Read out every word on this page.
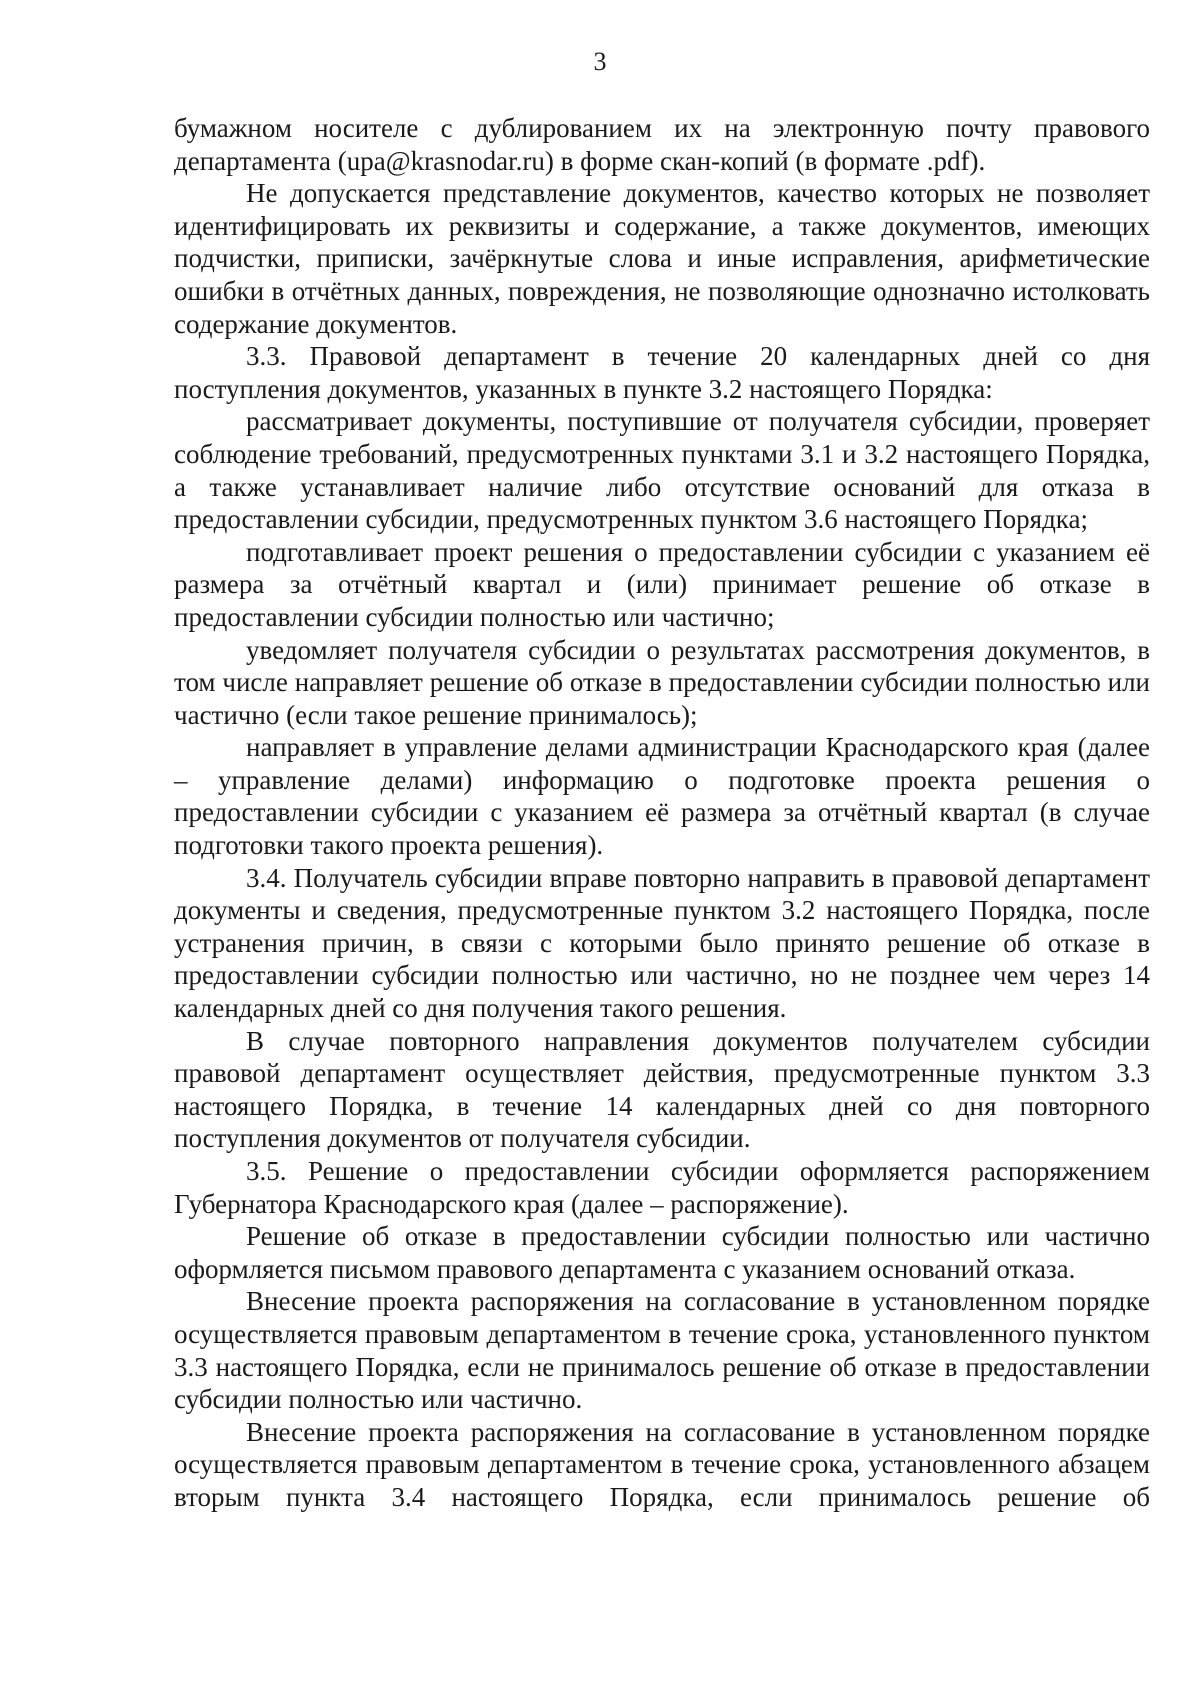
3

бумажном носителе с дублированием их на электронную почту правового департамента (upa@krasnodar.ru) в форме скан-копий (в формате .pdf).

Не допускается представление документов, качество которых не позволяет идентифицировать их реквизиты и содержание, а также документов, имеющих подчистки, приписки, зачёркнутые слова и иные исправления, арифметические ошибки в отчётных данных, повреждения, не позволяющие однозначно истолковать содержание документов.

3.3. Правовой департамент в течение 20 календарных дней со дня поступления документов, указанных в пункте 3.2 настоящего Порядка:

рассматривает документы, поступившие от получателя субсидии, проверяет соблюдение требований, предусмотренных пунктами 3.1 и 3.2 настоящего Порядка, а также устанавливает наличие либо отсутствие оснований для отказа в предоставлении субсидии, предусмотренных пунктом 3.6 настоящего Порядка;

подготавливает проект решения о предоставлении субсидии с указанием её размера за отчётный квартал и (или) принимает решение об отказе в предоставлении субсидии полностью или частично;

уведомляет получателя субсидии о результатах рассмотрения документов, в том числе направляет решение об отказе в предоставлении субсидии полностью или частично (если такое решение принималось);

направляет в управление делами администрации Краснодарского края (далее – управление делами) информацию о подготовке проекта решения о предоставлении субсидии с указанием её размера за отчётный квартал (в случае подготовки такого проекта решения).

3.4. Получатель субсидии вправе повторно направить в правовой департамент документы и сведения, предусмотренные пунктом 3.2 настоящего Порядка, после устранения причин, в связи с которыми было принято решение об отказе в предоставлении субсидии полностью или частично, но не позднее чем через 14 календарных дней со дня получения такого решения.

В случае повторного направления документов получателем субсидии правовой департамент осуществляет действия, предусмотренные пунктом 3.3 настоящего Порядка, в течение 14 календарных дней со дня повторного поступления документов от получателя субсидии.

3.5. Решение о предоставлении субсидии оформляется распоряжением Губернатора Краснодарского края (далее – распоряжение).

Решение об отказе в предоставлении субсидии полностью или частично оформляется письмом правового департамента с указанием оснований отказа.

Внесение проекта распоряжения на согласование в установленном порядке осуществляется правовым департаментом в течение срока, установленного пунктом 3.3 настоящего Порядка, если не принималось решение об отказе в предоставлении субсидии полностью или частично.

Внесение проекта распоряжения на согласование в установленном порядке осуществляется правовым департаментом в течение срока, установленного абзацем вторым пункта 3.4 настоящего Порядка, если принималось решение об
